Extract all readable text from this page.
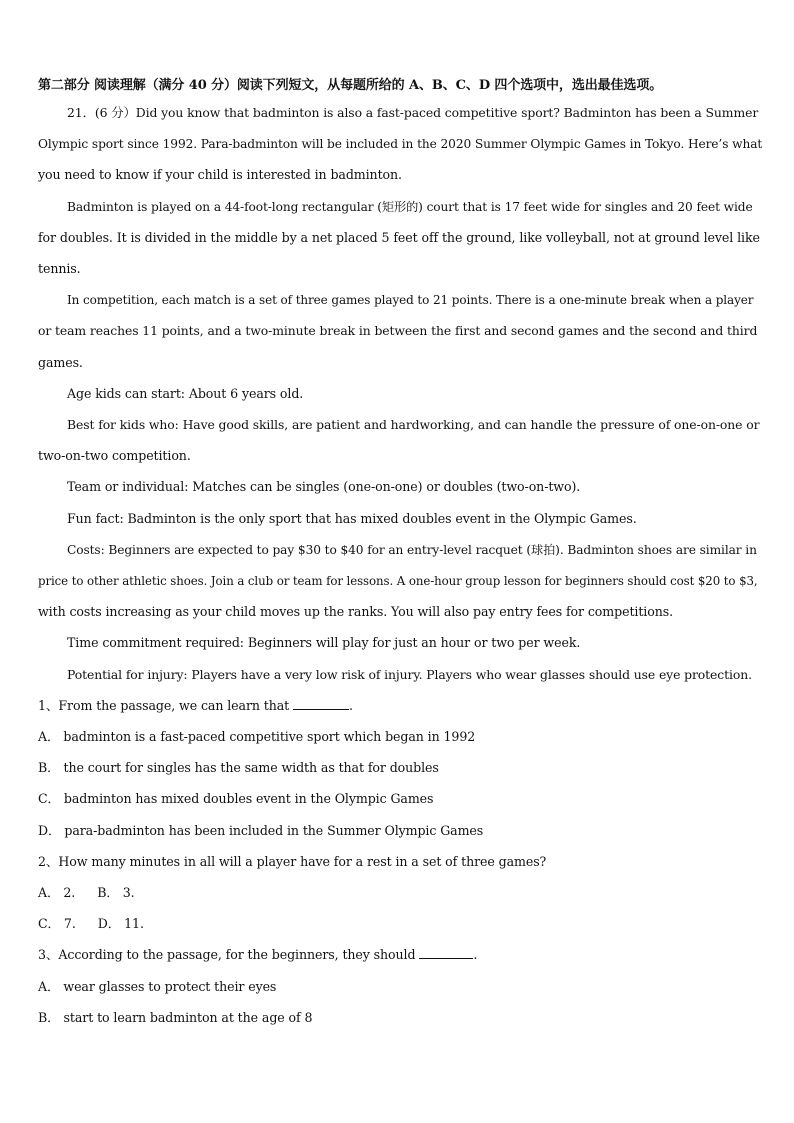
第二部分 阅读理解（满分 40 分）阅读下列短文，从每题所给的 A、B、C、D 四个选项中，选出最佳选项。
21．(6 分）Did you know that badminton is also a fast-paced competitive sport? Badminton has been a Summer
Olympic sport since 1992. Para-badminton will be included in the 2020 Summer Olympic Games in Tokyo. Here’s what
you need to know if your child is interested in badminton.
Badminton is played on a 44-foot-long rectangular (矩形的) court that is 17 feet wide for singles and 20 feet wide
for doubles. It is divided in the middle by a net placed 5 feet off the ground, like volleyball, not at ground level like
tennis.
In competition, each match is a set of three games played to 21 points. There is a one-minute break when a player
or team reaches 11 points, and a two-minute break in between the first and second games and the second and third
games.
Age kids can start: About 6 years old.
Best for kids who: Have good skills, are patient and hardworking, and can handle the pressure of one-on-one or
two-on-two competition.
Team or individual: Matches can be singles (one-on-one) or doubles (two-on-two).
Fun fact: Badminton is the only sport that has mixed doubles event in the Olympic Games.
Costs: Beginners are expected to pay $30 to $40 for an entry-level racquet (球拍). Badminton shoes are similar in
price to other athletic shoes. Join a club or team for lessons. A one-hour group lesson for beginners should cost $20 to $3,
with costs increasing as your child moves up the ranks. You will also pay entry fees for competitions.
Time commitment required: Beginners will play for just an hour or two per week.
Potential for injury: Players have a very low risk of injury. Players who wear glasses should use eye protection.
1、From the passage, we can learn that	.
A． badminton is a fast-paced competitive sport which began in 1992
B． the court for singles has the same width as that for doubles
C． badminton has mixed doubles event in the Olympic Games
D． para-badminton has been included in the Summer Olympic Games
2、How many minutes in all will a player have for a rest in a set of three games?
A． 2. B． 3.
C． 7. D． 11.
3、According to the passage, for the beginners, they should	.
A． wear glasses to protect their eyes
B． start to learn badminton at the age of 8
